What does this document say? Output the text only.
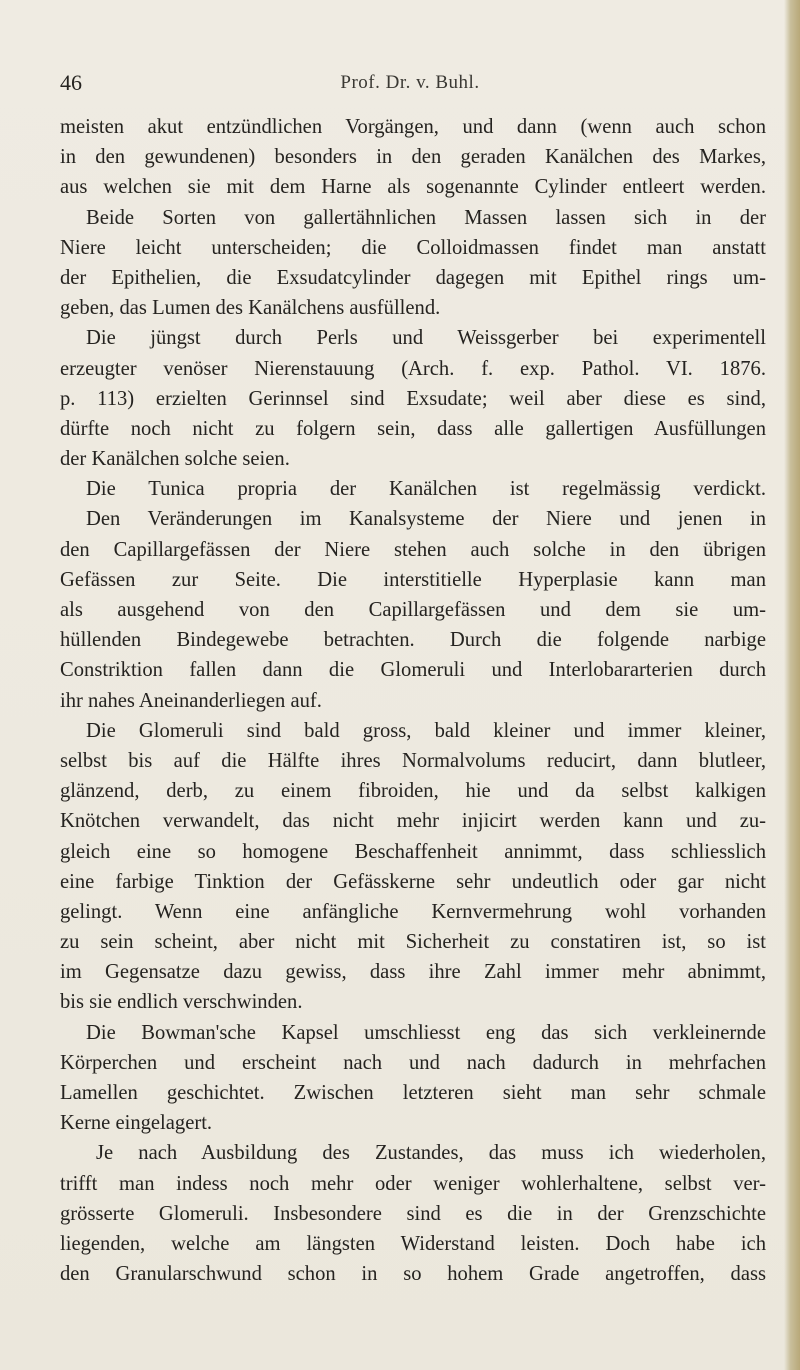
46	Prof. Dr. v. Buhl.
meisten akut entzündlichen Vorgängen, und dann (wenn auch schon
in den gewundenen) besonders in den geraden Kanälchen des Markes,
aus welchen sie mit dem Harne als sogenannte Cylinder entleert werden.
Beide Sorten von gallertähnlichen Massen lassen sich in der
Niere leicht unterscheiden; die Colloidmassen findet man anstatt
der Epithelien, die Exsudatcylinder dagegen mit Epithel rings um-
geben, das Lumen des Kanälchens ausfüllend.
Die jüngst durch Perls und Weissgerber bei experimentell
erzeugter venöser Nierenstauung (Arch. f. exp. Pathol. VI. 1876.
p. 113) erzielten Gerinnsel sind Exsudate; weil aber diese es sind,
dürfte noch nicht zu folgern sein, dass alle gallertigen Ausfüllungen
der Kanälchen solche seien.
Die Tunica propria der Kanälchen ist regelmässig verdickt.
Den Veränderungen im Kanalsysteme der Niere und jenen in
den Capillargefässen der Niere stehen auch solche in den übrigen
Gefässen zur Seite. Die interstitielle Hyperplasie kann man
als ausgehend von den Capillargefässen und dem sie um-
hüllenden Bindegewebe betrachten. Durch die folgende narbige
Constriktion fallen dann die Glomeruli und Interlobararterien durch
ihr nahes Aneinanderliegen auf.
Die Glomeruli sind bald gross, bald kleiner und immer kleiner,
selbst bis auf die Hälfte ihres Normalvolums reducirt, dann blutleer,
glänzend, derb, zu einem fibroiden, hie und da selbst kalkigen
Knötchen verwandelt, das nicht mehr injicirt werden kann und zu-
gleich eine so homogene Beschaffenheit annimmt, dass schliesslich
eine farbige Tinktion der Gefässkerne sehr undeutlich oder gar nicht
gelingt. Wenn eine anfängliche Kernvermehrung wohl vorhanden
zu sein scheint, aber nicht mit Sicherheit zu constatiren ist, so ist
im Gegensatze dazu gewiss, dass ihre Zahl immer mehr abnimmt,
bis sie endlich verschwinden.
Die Bowman'sche Kapsel umschliesst eng das sich verkleinernde
Körperchen und erscheint nach und nach dadurch in mehrfachen
Lamellen geschichtet. Zwischen letzteren sieht man sehr schmale
Kerne eingelagert.
Je nach Ausbildung des Zustandes, das muss ich wiederholen,
trifft man indess noch mehr oder weniger wohlerhaltene, selbst ver-
grösserte Glomeruli. Insbesondere sind es die in der Grenzschichte
liegenden, welche am längsten Widerstand leisten. Doch habe ich
den Granularschwund schon in so hohem Grade angetroffen, dass
